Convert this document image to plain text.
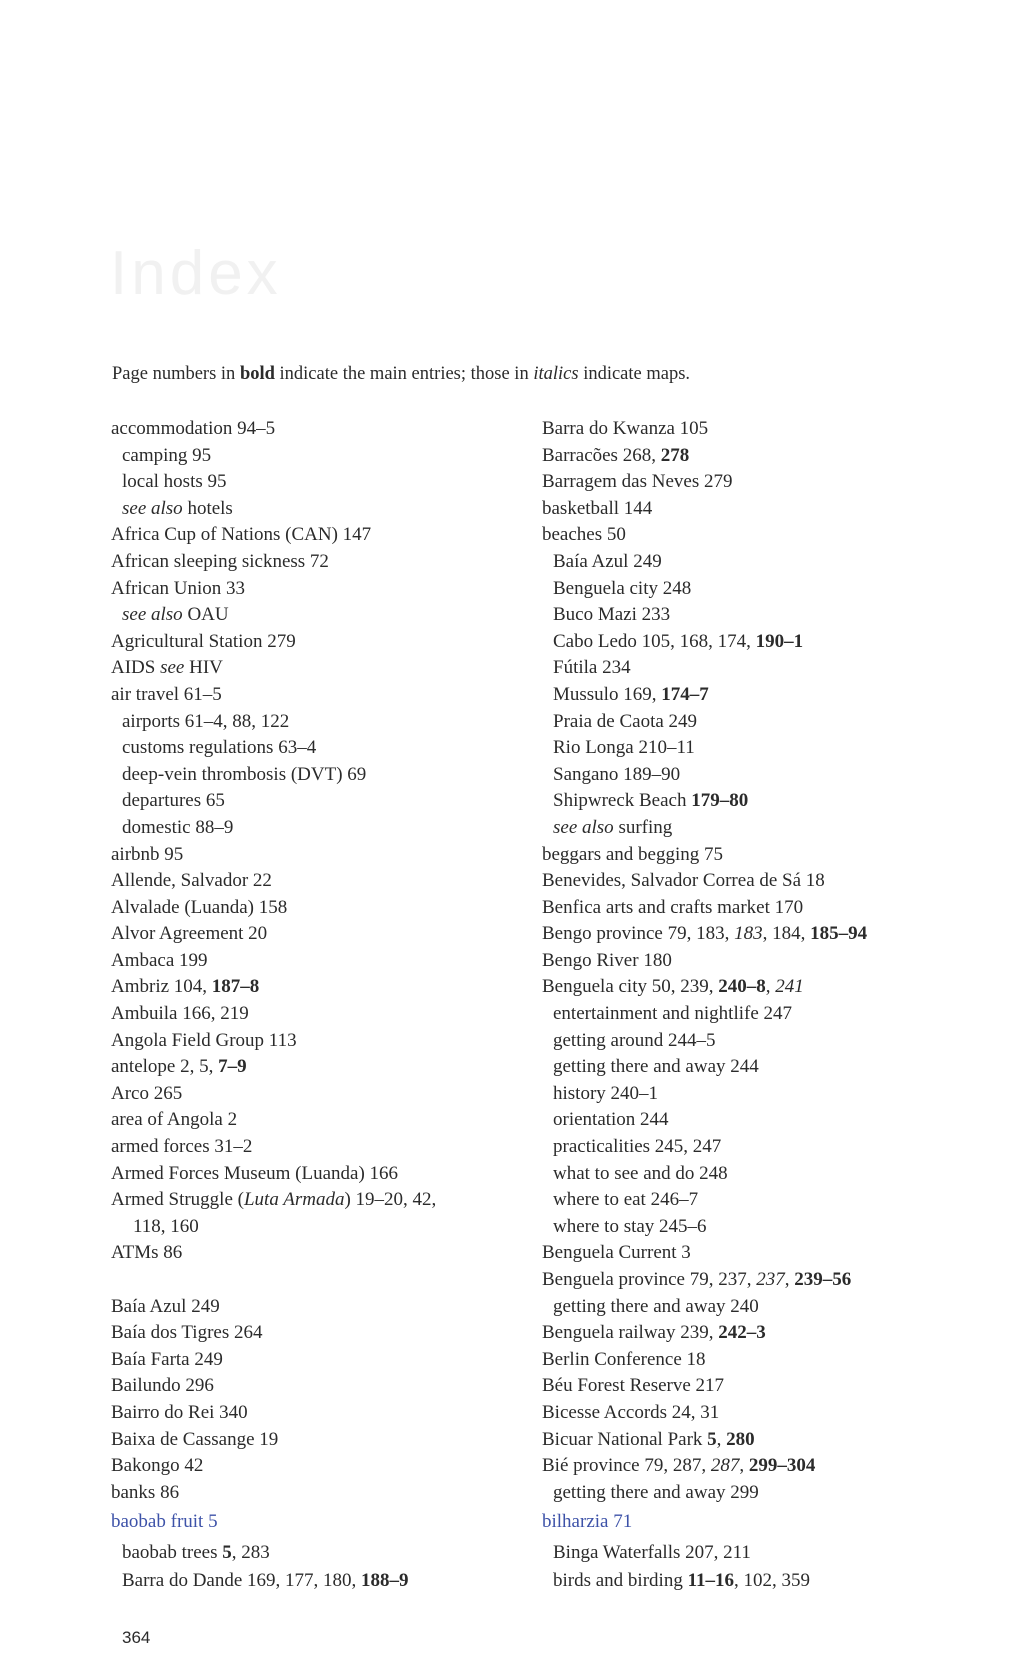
Index

Page numbers in bold indicate the main entries; those in italics indicate maps.

accommodation 94–5
camping 95
local hosts 95
see also hotels
Africa Cup of Nations (CAN) 147
African sleeping sickness 72
African Union 33
see also OAU
Agricultural Station 279
AIDS see HIV
air travel 61–5
airports 61–4, 88, 122
customs regulations 63–4
deep-vein thrombosis (DVT) 69
departures 65
domestic 88–9
airbnb 95
Allende, Salvador 22
Alvalade (Luanda) 158
Alvor Agreement 20
Ambaca 199
Ambriz 104, 187–8
Ambuila 166, 219
Angola Field Group 113
antelope 2, 5, 7–9
Arco 265
area of Angola 2
armed forces 31–2
Armed Forces Museum (Luanda) 166
Armed Struggle (Luta Armada) 19–20, 42,
118, 160
ATMs 86
Baía Azul 249
Baía dos Tigres 264
Baía Farta 249
Bailundo 296
Bairro do Rei 340
Baixa de Cassange 19
Bakongo 42
banks 86
baobab fruit 5
baobab trees 5, 283
Barra do Dande 169, 177, 180, 188–9
Barra do Kwanza 105
Barracões 268, 278
Barragem das Neves 279
basketball 144
beaches 50
Baía Azul 249
Benguela city 248
Buco Mazi 233
Cabo Ledo 105, 168, 174, 190–1
Fútila 234
Mussulo 169, 174–7
Praia de Caota 249
Rio Longa 210–11
Sangano 189–90
Shipwreck Beach 179–80
see also surfing
beggars and begging 75
Benevides, Salvador Correa de Sá 18
Benfica arts and crafts market 170
Bengo province 79, 183, 183, 184, 185–94
Bengo River 180
Benguela city 50, 239, 240–8, 241
entertainment and nightlife 247
getting around 244–5
getting there and away 244
history 240–1
orientation 244
practicalities 245, 247
what to see and do 248
where to eat 246–7
where to stay 245–6
Benguela Current 3
Benguela province 79, 237, 237, 239–56
getting there and away 240
Benguela railway 239, 242–3
Berlin Conference 18
Béu Forest Reserve 217
Bicesse Accords 24, 31
Bicuar National Park 5, 280
Bié province 79, 287, 287, 299–304
getting there and away 299
bilharzia 71
Binga Waterfalls 207, 211
birds and birding 11–16, 102, 359
364
